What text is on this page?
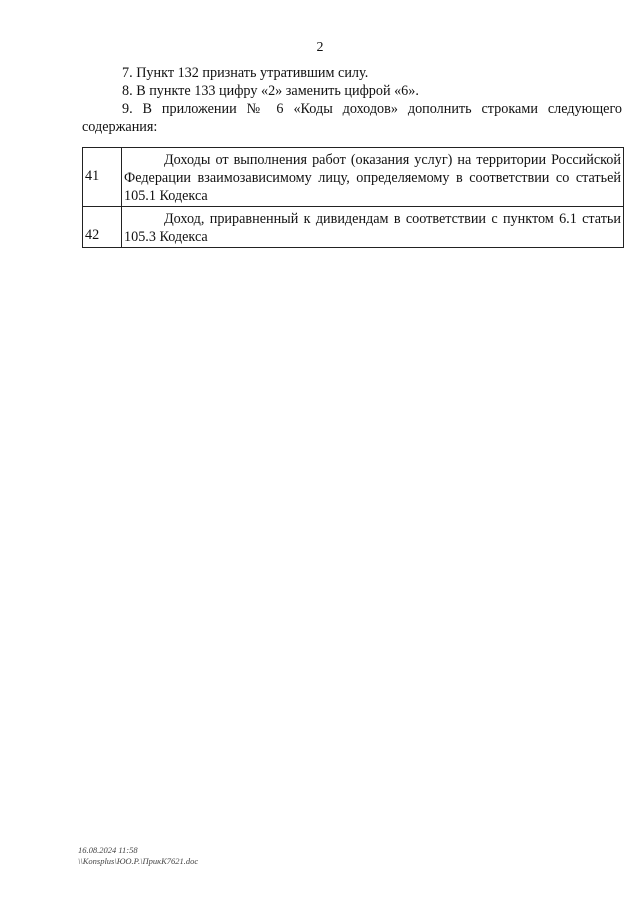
2
7. Пункт 132 признать утратившим силу.
8. В пункте 133 цифру «2» заменить цифрой «6».
9. В приложении № 6 «Коды доходов» дополнить строками следующего содержания:
41	Доходы от выполнения работ (оказания услуг) на территории Российской Федерации взаимозависимому лицу, определяемому в соответствии со статьей 105.1 Кодекса
42	Доход, приравненный к дивидендам в соответствии с пунктом 6.1 статьи 105.3 Кодекса
16.08.2024 11:58
\\Konsplus\ЮО.Р.\ПрикК7621.doc
